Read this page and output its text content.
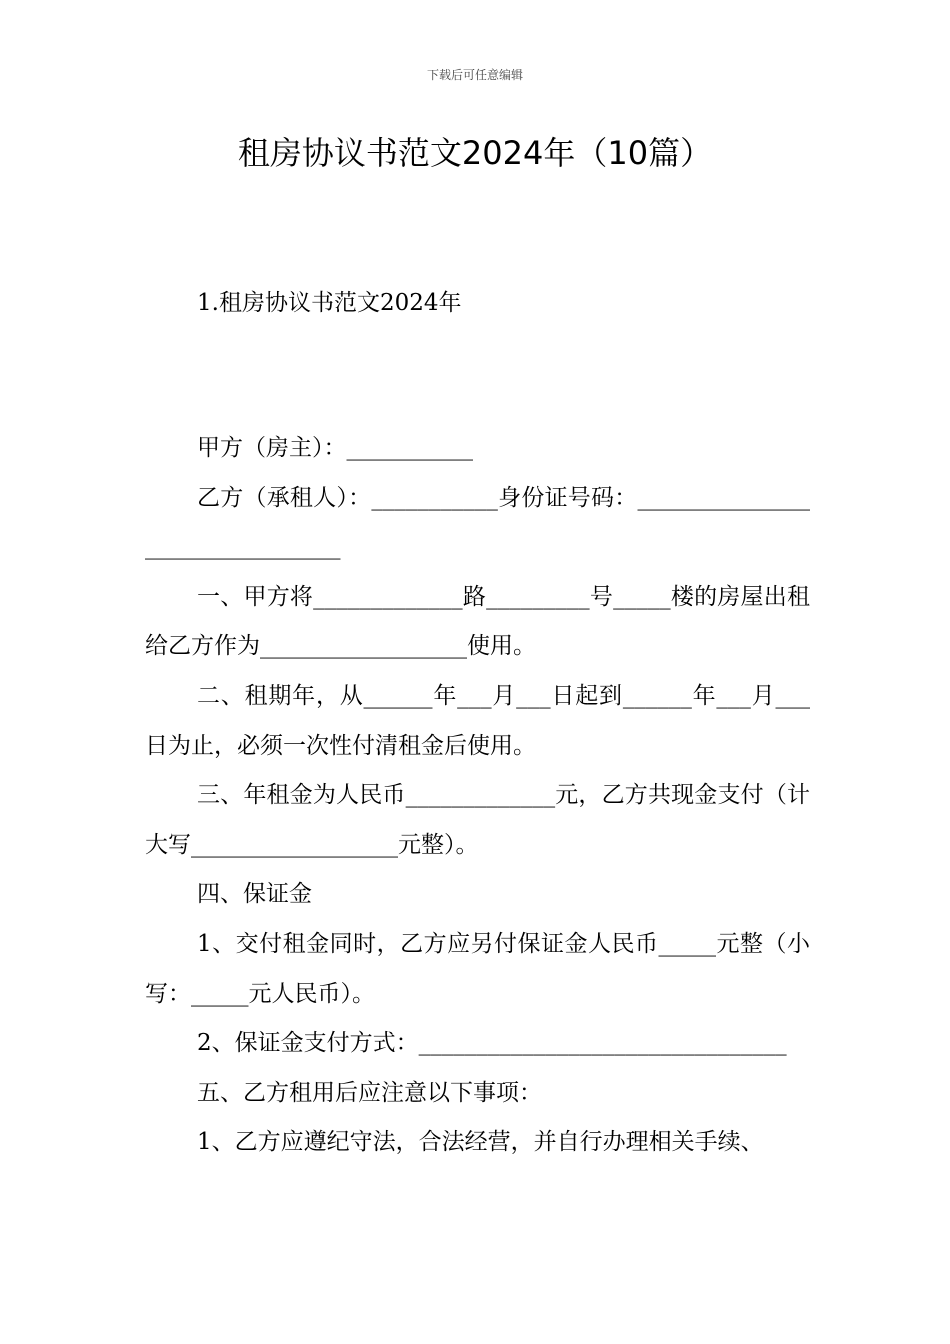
下载后可任意编辑
租房协议书范文2024年（10篇）

1.租房协议书范文2024年

甲方（房主）：___________

乙方（承租人）：___________身份证号码：________________________________

一、甲方将_____________路_________号_____楼的房屋出租给乙方作为__________________使用。

二、租期年，从______年___月___日起到______年___月___日为止，必须一次性付清租金后使用。

三、年租金为人民币_____________元，乙方共现金支付（计大写__________________元整）。

四、保证金

1、交付租金同时，乙方应另付保证金人民币_____元整（小写：_____元人民币）。

2、保证金支付方式：________________________________

五、乙方租用后应注意以下事项：

1、乙方应遵纪守法，合法经营，并自行办理相关手续、
